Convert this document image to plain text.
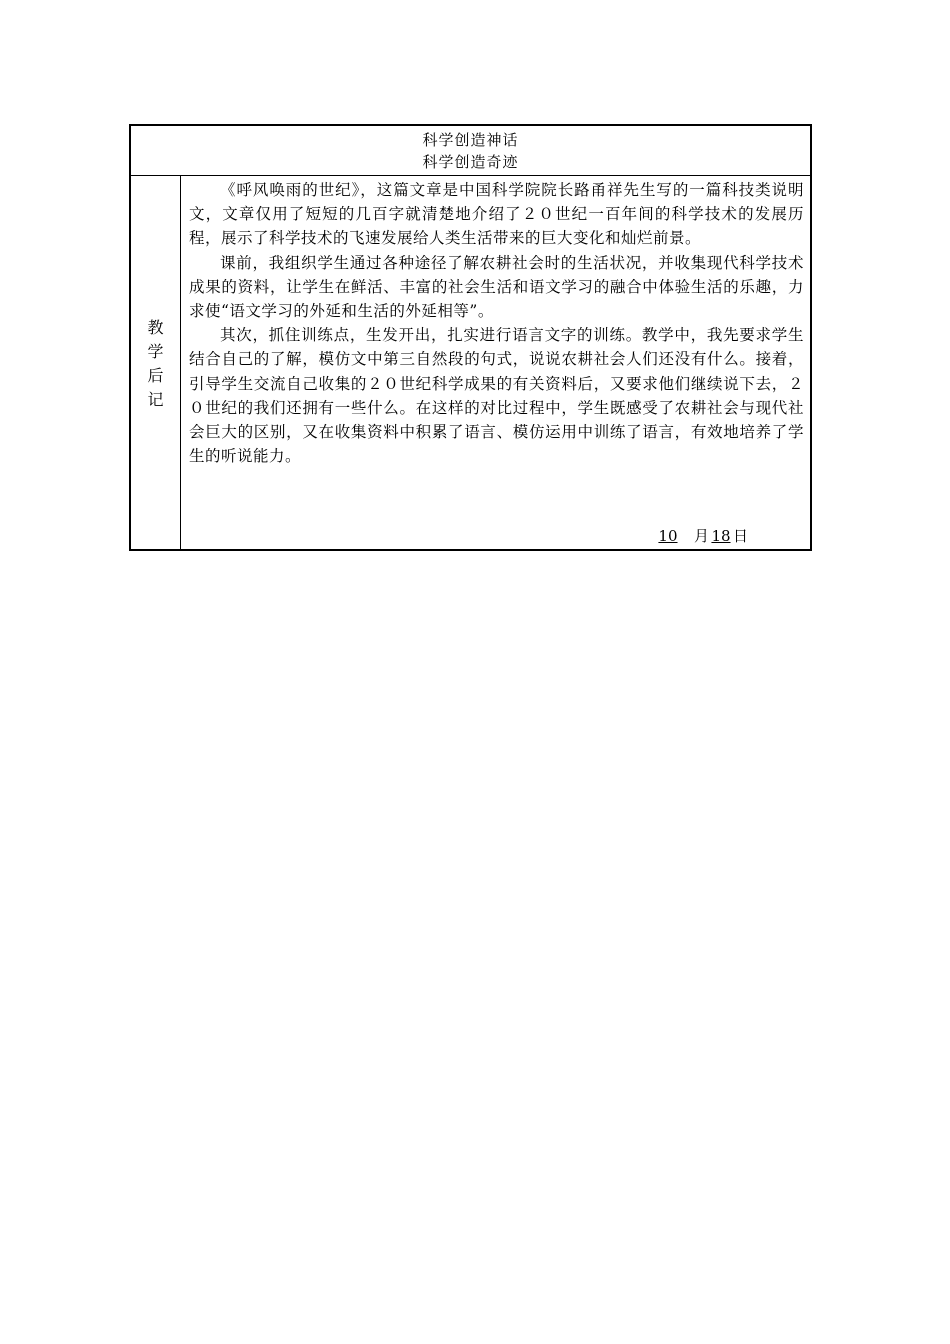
科学创造神话
科学创造奇迹
教
学
后
记

《呼风唤雨的世纪》，这篇文章是中国科学院院长路甬祥先生写的一篇科技类说明文，文章仅用了短短的几百字就清楚地介绍了２０世纪一百年间的科学技术的发展历程，展示了科学技术的飞速发展给人类生活带来的巨大变化和灿烂前景。

课前，我组织学生通过各种途径了解农耕社会时的生活状况，并收集现代科学技术成果的资料，让学生在鲜活、丰富的社会生活和语文学习的融合中体验生活的乐趣，力求使“语文学习的外延和生活的外延相等”。

其次，抓住训练点，生发开出，扎实进行语言文字的训练。教学中，我先要求学生结合自己的了解，模仿文中第三自然段的句式，说说农耕社会人们还没有什么。接着，引导学生交流自己收集的２０世纪科学成果的有关资料后，又要求他们继续说下去，２０世纪的我们还拥有一些什么。在这样的对比过程中，学生既感受了农耕社会与现代社会巨大的区别，又在收集资料中积累了语言、模仿运用中训练了语言，有效地培养了学生的听说能力。

10 月 18 日
